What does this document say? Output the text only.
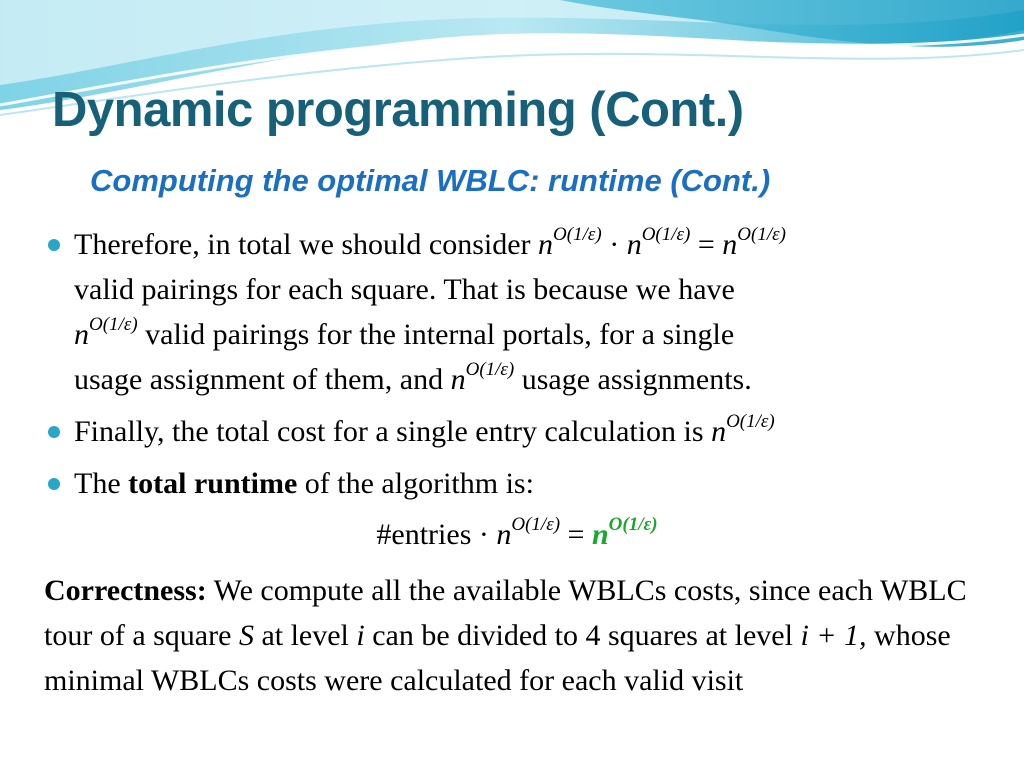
Dynamic programming (Cont.)
Computing the optimal WBLC: runtime (Cont.)
Therefore, in total we should consider $n^{O(1/\varepsilon)} \cdot n^{O(1/\varepsilon)} = n^{O(1/\varepsilon)}$
valid pairings for each square. That is because we have
$n^{O(1/\varepsilon)}$ valid pairings for the internal portals, for a single
usage assignment of them, and $n^{O(1/\varepsilon)}$ usage assignments.
Finally, the total cost for a single entry calculation is $n^{O(1/\varepsilon)}$
The total runtime of the algorithm is:
#entries · $n^{O(1/\varepsilon)} = n^{O(1/\varepsilon)}$
Correctness: We compute all the available WBLCs costs, since each WBLC tour of a square S at level i can be divided to 4 squares at level i + 1, whose minimal WBLCs costs were calculated for each valid visit
